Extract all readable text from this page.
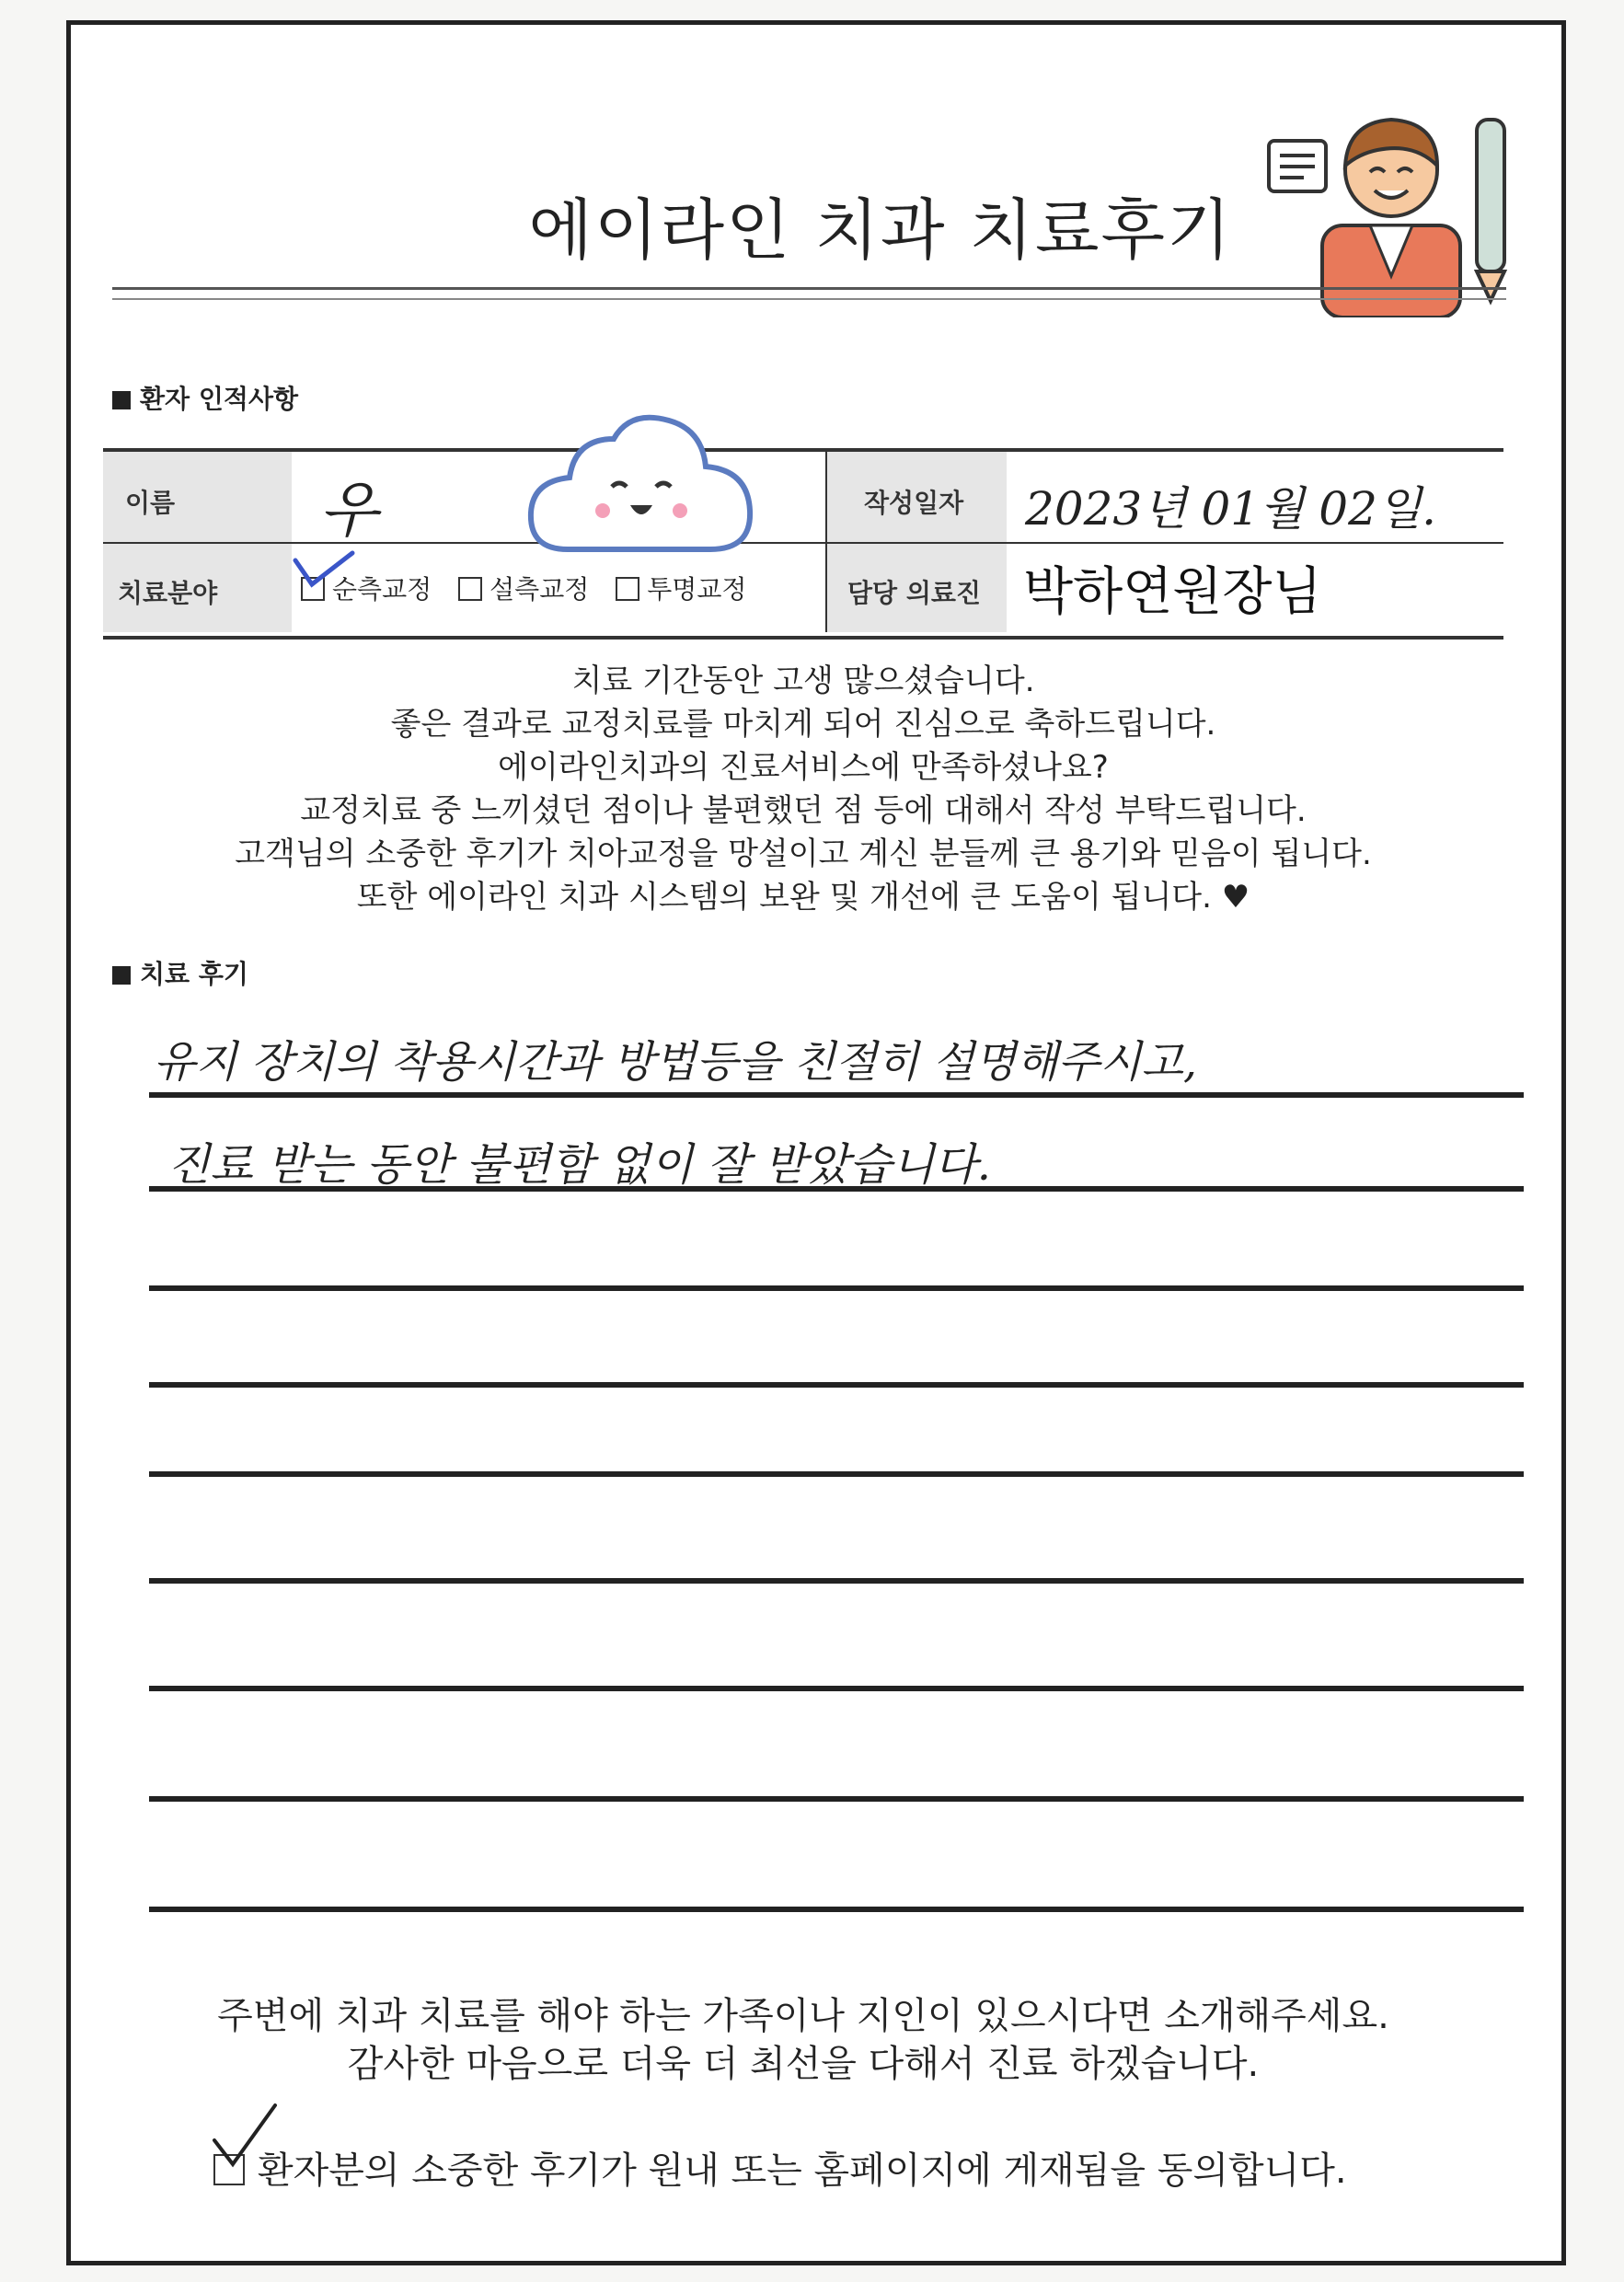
에이라인 치과 치료후기
환자 인적사항
이름 우
치료분야	순측교정 설측교정 투명교정
작성일자 2023년 01월 02일.
담당 의료진 박하연원장님
치료 기간동안 고생 많으셨습니다.
좋은 결과로 교정치료를 마치게 되어 진심으로 축하드립니다.
에이라인치과의 진료서비스에 만족하셨나요?
교정치료 중 느끼셨던 점이나 불편했던 점 등에 대해서 작성 부탁드립니다.
고객님의 소중한 후기가 치아교정을 망설이고 계신 분들께 큰 용기와 믿음이 됩니다.
또한 에이라인 치과 시스템의 보완 및 개선에 큰 도움이 됩니다. ♥
치료 후기
유지 장치의 착용시간과 방법등을 친절히 설명해주시고,
진료 받는 동안 불편함 없이 잘 받았습니다.
주변에 치과 치료를 해야 하는 가족이나 지인이 있으시다면 소개해주세요.
감사한 마음으로 더욱 더 최선을 다해서 진료 하겠습니다.
환자분의 소중한 후기가 원내 또는 홈페이지에 게재됨을 동의합니다.
